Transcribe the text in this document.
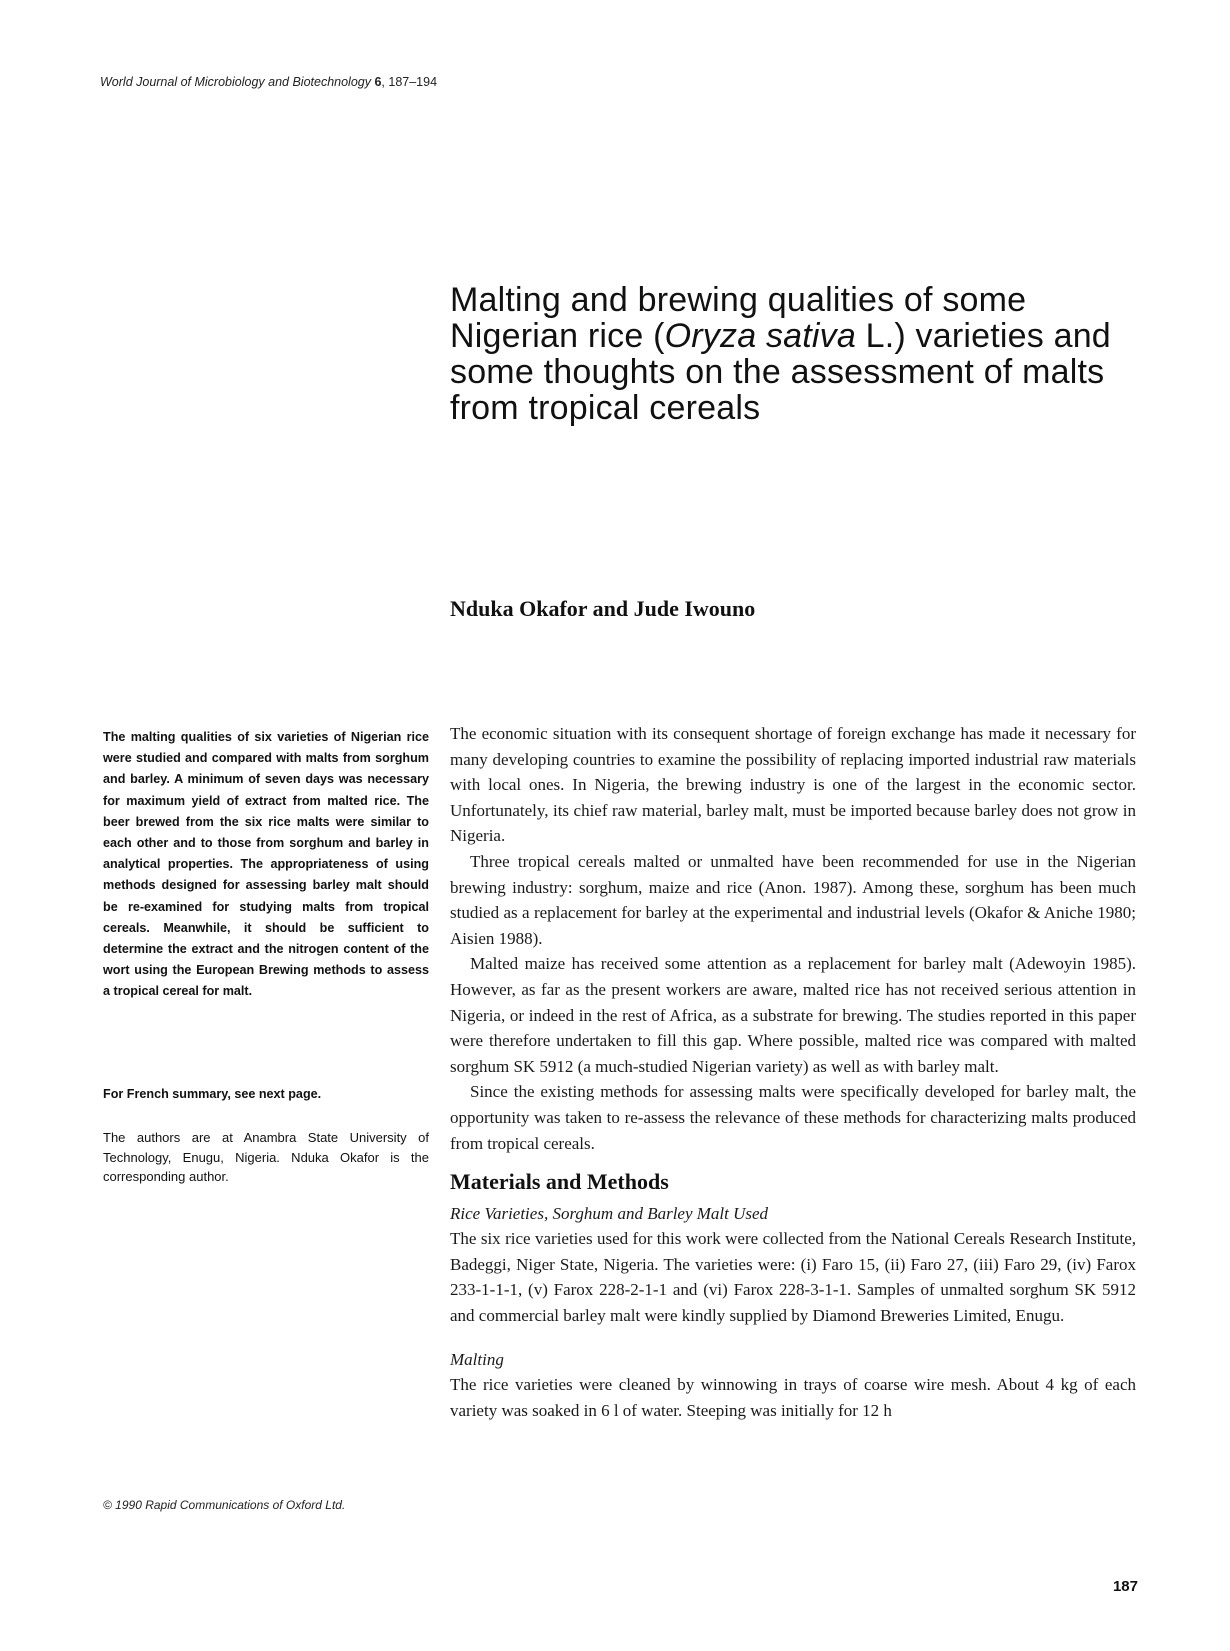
World Journal of Microbiology and Biotechnology 6, 187–194
Malting and brewing qualities of some Nigerian rice (Oryza sativa L.) varieties and some thoughts on the assessment of malts from tropical cereals
Nduka Okafor and Jude Iwouno

The malting qualities of six varieties of Nigerian rice were studied and compared with malts from sorghum and barley. A minimum of seven days was necessary for maximum yield of extract from malted rice. The beer brewed from the six rice malts were similar to each other and to those from sorghum and barley in analytical properties. The appropriateness of using methods designed for assessing barley malt should be re-examined for studying malts from tropical cereals. Meanwhile, it should be sufficient to determine the extract and the nitrogen content of the wort using the European Brewing methods to assess a tropical cereal for malt.

For French summary, see next page.

The authors are at Anambra State University of Technology, Enugu, Nigeria. Nduka Okafor is the corresponding author.

© 1990 Rapid Communications of Oxford Ltd.

The economic situation with its consequent shortage of foreign exchange has made it necessary for many developing countries to examine the possibility of replacing imported industrial raw materials with local ones. In Nigeria, the brewing industry is one of the largest in the economic sector. Unfortunately, its chief raw material, barley malt, must be imported because barley does not grow in Nigeria.

Three tropical cereals malted or unmalted have been recommended for use in the Nigerian brewing industry: sorghum, maize and rice (Anon. 1987). Among these, sorghum has been much studied as a replacement for barley at the experimental and industrial levels (Okafor & Aniche 1980; Aisien 1988).

Malted maize has received some attention as a replacement for barley malt (Adewoyin 1985). However, as far as the present workers are aware, malted rice has not received serious attention in Nigeria, or indeed in the rest of Africa, as a substrate for brewing. The studies reported in this paper were therefore undertaken to fill this gap. Where possible, malted rice was compared with malted sorghum SK 5912 (a much-studied Nigerian variety) as well as with barley malt.

Since the existing methods for assessing malts were specifically developed for barley malt, the opportunity was taken to re-assess the relevance of these methods for characterizing malts produced from tropical cereals.

Materials and Methods
Rice Varieties, Sorghum and Barley Malt Used

The six rice varieties used for this work were collected from the National Cereals Research Institute, Badeggi, Niger State, Nigeria. The varieties were: (i) Faro 15, (ii) Faro 27, (iii) Faro 29, (iv) Farox 233-1-1-1, (v) Farox 228-2-1-1 and (vi) Farox 228-3-1-1. Samples of unmalted sorghum SK 5912 and commercial barley malt were kindly supplied by Diamond Breweries Limited, Enugu.

Malting

The rice varieties were cleaned by winnowing in trays of coarse wire mesh. About 4 kg of each variety was soaked in 6 l of water. Steeping was initially for 12 h

187
